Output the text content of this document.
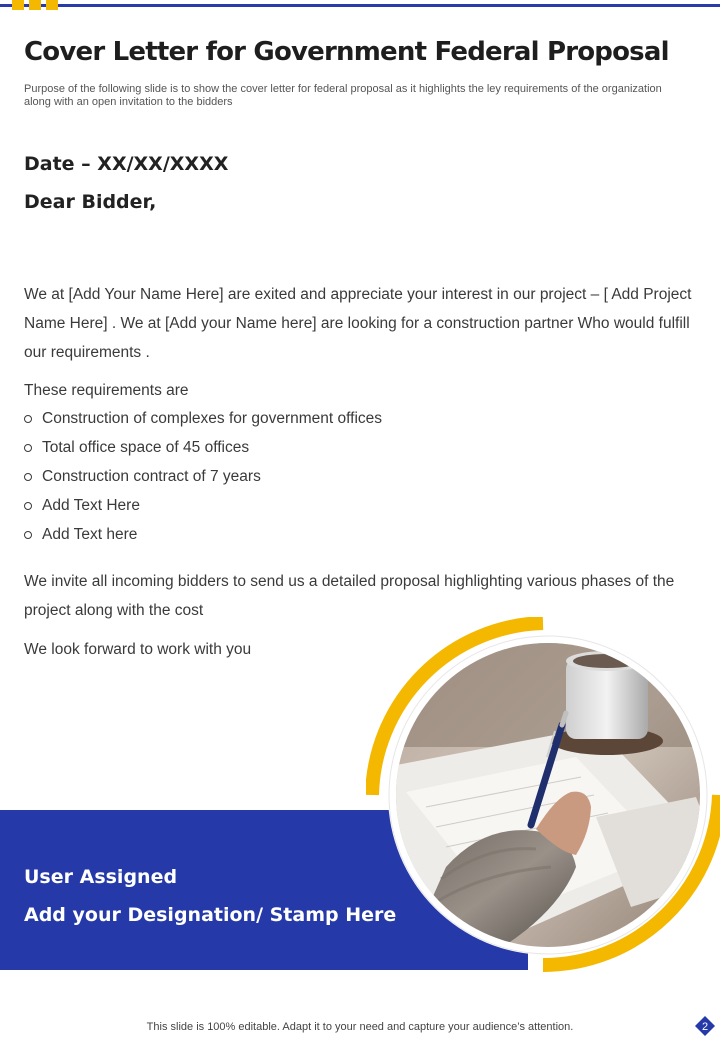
Cover Letter for Government Federal Proposal

Purpose of the following slide is to show the cover letter for federal proposal as it highlights the ley requirements of the organization along with an open invitation to the bidders

Date – XX/XX/XXXX
Dear Bidder,

We at [Add Your Name Here] are exited and appreciate your interest in our project – [ Add Project Name Here] . We at [Add your Name here] are looking for a construction partner Who would fulfill our requirements .

These requirements are
Construction of complexes for government offices
Total office space of 45 offices
Construction contract of 7 years
Add Text Here
Add Text here

We invite all incoming bidders to send us a detailed proposal highlighting various phases of the project along with the cost

We look forward to work with you
User Assigned
Add your Designation/ Stamp Here
This slide is 100% editable. Adapt it to your need and capture your audience’s attention.	2
